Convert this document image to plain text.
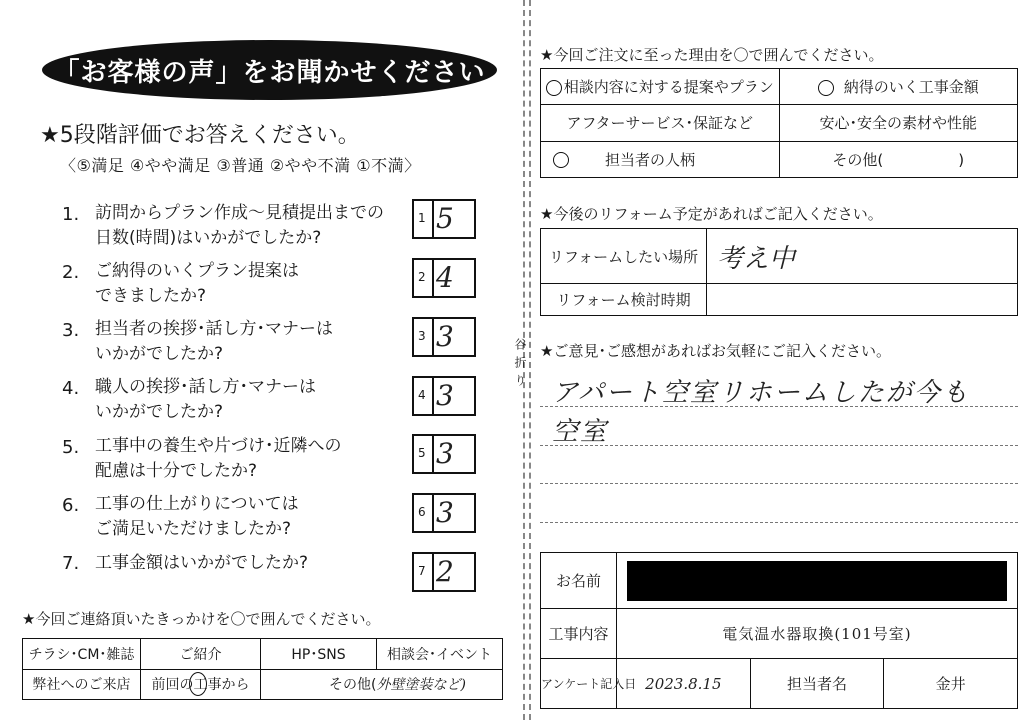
「お客様の声」をお聞かせください
★5段階評価でお答えください。
〈⑤満足 ④やや満足 ③普通 ②やや不満 ①不満〉
1. 訪問からプラン作成〜見積提出までの
日数(時間)はいかがでしたか?
1 5
2. ご納得のいくプラン提案は
できましたか?
2 4
3. 担当者の挨拶･話し方･マナーは
いかがでしたか?
3 3
4. 職人の挨拶･話し方･マナーは
いかがでしたか?
4 3
5. 工事中の養生や片づけ･近隣への
配慮は十分でしたか?
5 3
6. 工事の仕上がりについては
ご満足いただけましたか?
6 3
7. 工事金額はいかがでしたか?	7 2
★今回ご連絡頂いたきっかけを〇で囲んでください。
チラシ･CM･雑誌	ご紹介	HP･SNS	相談会･イベント
弊社へのご来店	前回の工事から	その他(	外壁塗装など)
谷折り
★今回ご注文に至った理由を〇で囲んでください。
相談内容に対する提案やプラン	納得のいく工事金額
アフターサービス･保証など	安心･安全の素材や性能
担当者の人柄	その他(　　　　　)
★今後のリフォーム予定があればご記入ください。
リフォームしたい場所	考え中
リフォーム検討時期	
★ご意見･ご感想があればお気軽にご記入ください。
アパート空室リホームしたが今も
空室
お名前			

工事内容	電気温水器取換(101号室)		
アンケート記入日	2023.8.15	担当者名	金井
